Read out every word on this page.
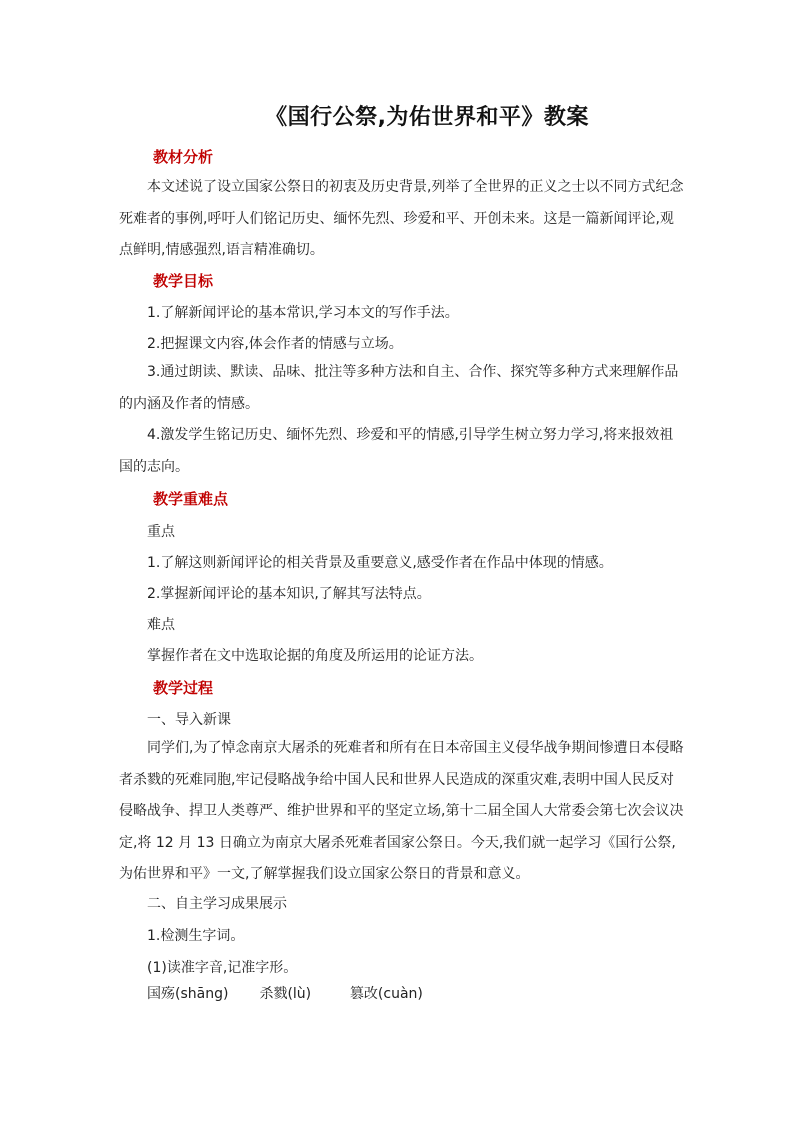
《国行公祭,为佑世界和平》教案
教材分析

本文述说了设立国家公祭日的初衷及历史背景,列举了全世界的正义之士以不同方式纪念死难者的事例,呼吁人们铭记历史、缅怀先烈、珍爱和平、开创未来。这是一篇新闻评论,观点鲜明,情感强烈,语言精准确切。

教学目标

1.了解新闻评论的基本常识,学习本文的写作手法。

2.把握课文内容,体会作者的情感与立场。

3.通过朗读、默读、品味、批注等多种方法和自主、合作、探究等多种方式来理解作品的内涵及作者的情感。

4.激发学生铭记历史、缅怀先烈、珍爱和平的情感,引导学生树立努力学习,将来报效祖国的志向。

教学重难点

重点

1.了解这则新闻评论的相关背景及重要意义,感受作者在作品中体现的情感。

2.掌握新闻评论的基本知识,了解其写法特点。

难点

掌握作者在文中选取论据的角度及所运用的论证方法。

教学过程

一、导入新课

同学们,为了悼念南京大屠杀的死难者和所有在日本帝国主义侵华战争期间惨遭日本侵略者杀戮的死难同胞,牢记侵略战争给中国人民和世界人民造成的深重灾难,表明中国人民反对侵略战争、捍卫人类尊严、维护世界和平的坚定立场,第十二届全国人大常委会第七次会议决定,将 12 月 13 日确立为南京大屠杀死难者国家公祭日。今天,我们就一起学习《国行公祭,为佑世界和平》一文,了解掌握我们设立国家公祭日的背景和意义。

二、自主学习成果展示

1.检测生字词。

(1)读准字音,记准字形。

国殇(shāng) 杀戮(lù)	篡改(cuàn)
